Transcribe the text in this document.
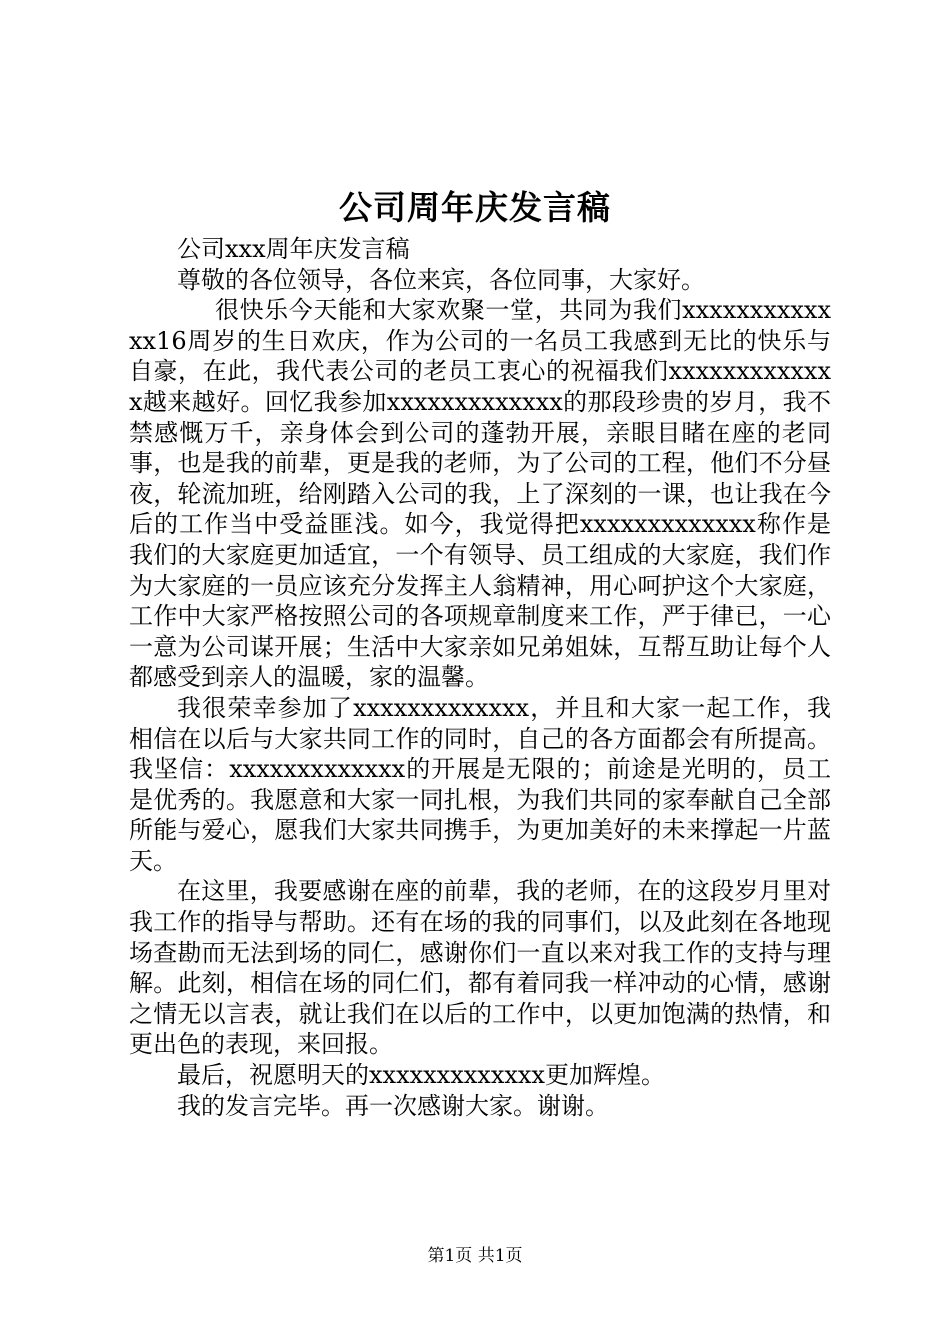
公司周年庆发言稿

公司xxx周年庆发言稿

尊敬的各位领导，各位来宾，各位同事，大家好。

很快乐今天能和大家欢聚一堂，共同为我们xxxxxxxxxxxxx16周岁的生日欢庆，作为公司的一名员工我感到无比的快乐与自豪，在此，我代表公司的老员工衷心的祝福我们xxxxxxxxxxxxx越来越好。回忆我参加xxxxxxxxxxxxx的那段珍贵的岁月，我不禁感慨万千，亲身体会到公司的蓬勃开展，亲眼目睹在座的老同事，也是我的前辈，更是我的老师，为了公司的工程，他们不分昼夜，轮流加班，给刚踏入公司的我，上了深刻的一课，也让我在今后的工作当中受益匪浅。如今，我觉得把xxxxxxxxxxxxx称作是我们的大家庭更加适宜，一个有领导、员工组成的大家庭，我们作为大家庭的一员应该充分发挥主人翁精神，用心呵护这个大家庭，工作中大家严格按照公司的各项规章制度来工作，严于律已，一心一意为公司谋开展；生活中大家亲如兄弟姐妹，互帮互助让每个人都感受到亲人的温暖，家的温馨。

我很荣幸参加了xxxxxxxxxxxxx，并且和大家一起工作，我相信在以后与大家共同工作的同时，自己的各方面都会有所提高。我坚信：xxxxxxxxxxxxx的开展是无限的；前途是光明的，员工是优秀的。我愿意和大家一同扎根，为我们共同的家奉献自己全部所能与爱心，愿我们大家共同携手，为更加美好的未来撑起一片蓝天。

在这里，我要感谢在座的前辈，我的老师，在的这段岁月里对我工作的指导与帮助。还有在场的我的同事们，以及此刻在各地现场查勘而无法到场的同仁，感谢你们一直以来对我工作的支持与理解。此刻，相信在场的同仁们，都有着同我一样冲动的心情，感谢之情无以言表，就让我们在以后的工作中，以更加饱满的热情，和更出色的表现，来回报。

最后，祝愿明天的xxxxxxxxxxxxx更加辉煌。

我的发言完毕。再一次感谢大家。谢谢。

第1页 共1页
